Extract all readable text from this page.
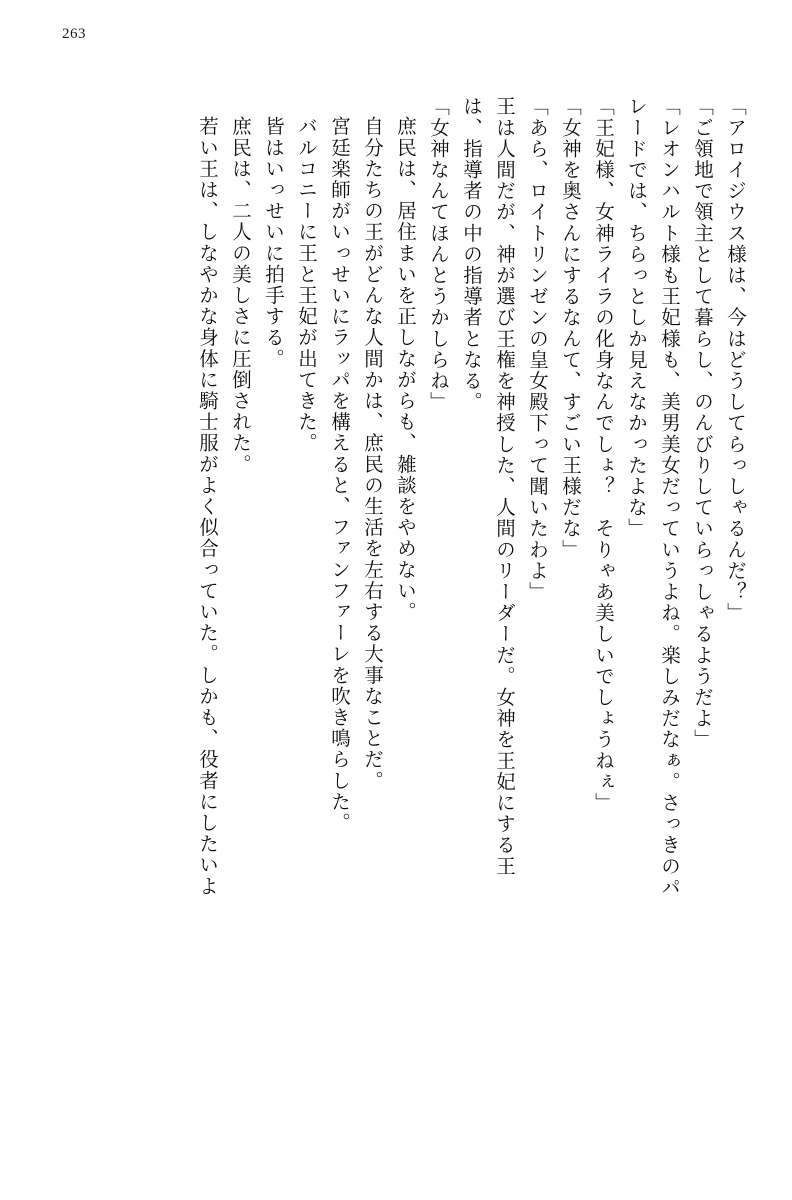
263
「アロイジウス様は、今はどうしてらっしゃるんだ？」
「ご領地で領主として暮らし、のんびりしていらっしゃるようだよ」
「レオンハルト様も王妃様も、美男美女だっていうよね。楽しみだなぁ。さっきのパ
レードでは、ちらっとしか見えなかったよな」
「王妃様、女神ライラの化身なんでしょ？　そりゃあ美しいでしょうねぇ」
「女神を奥さんにするなんて、すごい王様だな」
「あら、ロイトリンゼンの皇女殿下って聞いたわよ」
王は人間だが、神が選び王権を神授した、人間のリーダーだ。女神を王妃にする王
は、指導者の中の指導者となる。
「女神なんてほんとうかしらね」
庶民は、居住まいを正しながらも、雑談をやめない。
自分たちの王がどんな人間かは、庶民の生活を左右する大事なことだ。
宮廷楽師がいっせいにラッパを構えると、ファンファーレを吹き鳴らした。
バルコニーに王と王妃が出てきた。
皆はいっせいに拍手する。
庶民は、二人の美しさに圧倒された。
若い王は、しなやかな身体に騎士服がよく似合っていた。しかも、役者にしたいよ
